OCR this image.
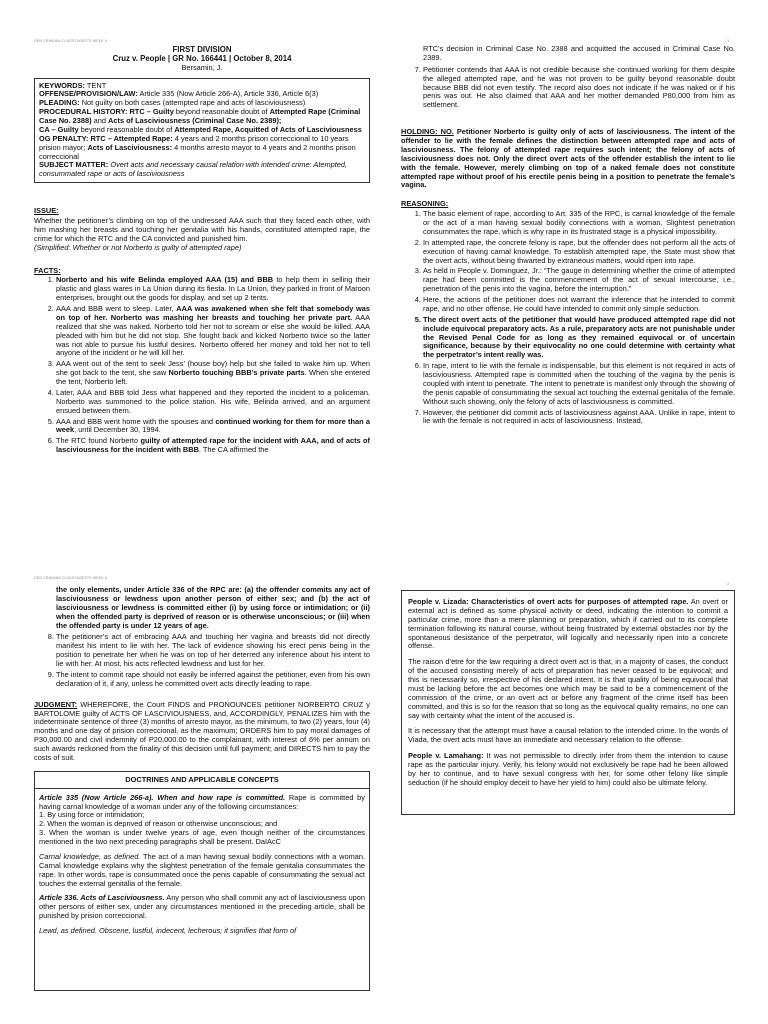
GEN CRIMLAW CLASS DIGESTS WEEK 6	1
FIRST DIVISION
Cruz v. People | GR No. 166441 | October 8, 2014
Bersamin, J.

KEYWORDS: TENT

OFFENSE/PROVISION/LAW: Article 335 (Now Article 266-A), Article 336, Article 6(3)

PLEADING: Not guilty on both cases (attempted rape and acts of lasciviousness)

PROCEDURAL HISTORY: RTC – Guilty beyond reasonable doubt of Attempted Rape (Criminal Case No. 2388) and Acts of Lasciviousness (Criminal Case No. 2389);

CA – Guilty beyond reasonable doubt of Attempted Rape, Acquitted of Acts of Lasciviousness

OG PENALTY: RTC – Attempted Rape: 4 years and 2 months prison correccional to 10 years prision mayor; Acts of Lasciviousness: 4 months arresto mayor to 4 years and 2 months prison correccional

SUBJECT MATTER: Overt acts and necessary causal relation with intended crime: Atempted, consummated rape or acts of lasciviousness

ISSUE:

Whether the petitioner’s climbing on top of the undressed AAA such that they faced each other, with him mashing her breasts and touching her genitalia with his hands, constituted attempted rape, the crime for which the RTC and the CA convicted and punished him.

(Simplified: Whether or not Norberto is guilty of attempted rape)

FACTS:
1. Norberto and his wife Belinda employed AAA (15) and BBB to help them in selling their plastic and glass wares in La Union during its fiesta. In La Union, they parked in front of Maroon enterprises, brought out the goods for display, and set up 2 tents.
2. AAA and BBB went to sleep. Later, AAA was awakened when she felt that somebody was on top of her. Norberto was mashing her breasts and touching her private part. AAA realized that she was naked. Norberto told her not to scream or else she would be killed. AAA pleaded with him but he did not stop. She fought back and kicked Norberto twice so the latter was not able to pursue his lustful desires. Norberto offered her money and told her not to tell anyone of the incident or he will kill her.
3. AAA went out of the tent to seek Jess’ (house boy) help but she failed to wake him up. When she got back to the tent, she saw Norberto touching BBB’s private parts. When she entered the tent, Norberto left.
4. Later, AAA and BBB told Jess what happened and they reported the incident to a policeman. Norberto was summoned to the police station. His wife, Belinda arrived, and an argument ensued between them.
5. AAA and BBB went home with the spouses and continued working for them for more than a week, until December 30, 1994.
6. The RTC found Norberto guilty of attempted rape for the incident with AAA, and of acts of lasciviousness for the incident with BBB. The CA affirmed the

RTC’s decision in Criminal Case No. 2388 and acquitted the accused in Criminal Case No. 2389.

7. Petitioner contends that AAA is not credible because she continued working for them despite the alleged attempted rape, and he was not proven to be guilty beyond reasonable doubt because BBB did not even testify. The record also does not indicate if he was naked or if his penis was out. He also claimed that AAA and her mother demanded P80,000 from him as settlement.

HOLDING: NO. Petitioner Norberto is guilty only of acts of lasciviousness. The intent of the offender to lie with the female defines the distinction between attempted rape and acts of lasciviousness. The felony of attempted rape requires such intent; the felony of acts of lasciviousness does not. Only the direct overt acts of the offender establish the intent to lie with the female. However, merely climbing on top of a naked female does not constitute attempted rape without proof of his erectile penis being in a position to penetrate the female’s vagina.

REASONING:
1. The basic element of rape, according to Art. 335 of the RPC, is carnal knowledge of the female or the act of a man having sexual bodily connections with a woman. Slightest penetration consummates the rape, which is why rape in its frustrated stage is a physical impossibility.
2. In attempted rape, the concrete felony is rape, but the offender does not perform all the acts of execution of having carnal knowledge. To establish attempted rape, the State must show that the overt acts, without being thwarted by extraneous matters, would ripen into rape.
3. As held in People v. Dominguez, Jr.: “The gauge in determining whether the crime of attempted rape had been committed is the commencement of the act of sexual intercourse, i.e., penetration of the penis into the vagina, before the interruption.”
4. Here, the actions of the petitioner does not warrant the inference that he intended to commit rape, and no other offense. He could have intended to commit only simple seduction.
5. The direct overt acts of the petitioner that would have produced attempted rape did not include equivocal preparatory acts. As a rule, preparatory acts are not punishable under the Revised Penal Code for as long as they remained equivocal or of uncertain significance, because by their equivocality no one could determine with certainty what the perpetrator’s intent really was.
6. In rape, intent to lie with the female is indispensable, but this element is not required in acts of lasciviousness. Attempted rape is committed when the touching of the vagina by the penis is coupled with intent to penetrate. The intent to penetrate is manifest only through the showing of the penis capable of consummating the sexual act touching the external genitalia of the female. Without such showing, only the felony of acts of lasciviousness is committed.
7. However, the petitioner did commit acts of lasciviousness against AAA. Unlike in rape, intent to lie with the female is not required in acts of lasciviousness. Instead,
GEN CRIMLAW CLASS DIGESTS WEEK 6
2

the only elements, under Article 336 of the RPC are: (a) the offender commits any act of lasciviousness or lewdness upon another person of either sex; and (b) the act of lasciviousness or lewdness is committed either (i) by using force or intimidation; or (ii) when the offended party is deprived of reason or is otherwise unconscious; or (iii) when the offended party is under 12 years of age.

8. The petitioner’s act of embracing AAA and touching her vagina and breasts did not directly manifest his intent to lie with her. The lack of evidence showing his erect penis being in the position to penetrate her when he was on top of her deterred any inference about his intent to lie with her. At most, his acts reflected lewdness and lust for her.
9. The intent to commit rape should not easily be inferred against the petitioner, even from his own declaration of it, if any, unless he committed overt acts directly leading to rape.

JUDGMENT: WHEREFORE, the Court FINDS and PRONOUNCES petitioner NORBERTO CRUZ y BARTOLOME guilty of ACTS OF LASCIVIOUSNESS, and, ACCORDINGLY, PENALIZES him with the indeterminate sentence of three (3) months of arresto mayor, as the minimum, to two (2) years, four (4) months and one day of prision correccional, as the maximum; ORDERS him to pay moral damages of P30,000.00 and civil indemnity of P20,000.00 to the complainant, with interest of 6% per annum on such awards reckoned from the finality of this decision until full payment; and DIRECTS him to pay the costs of suit.

DOCTRINES AND APPLICABLE CONCEPTS

Article 335 (Now Article 266-a). When and how rape is committed. Rape is committed by having carnal knowledge of a woman under any of the following circumstances:

1. By using force or intimidation;
2. When the woman is deprived of reason or otherwise unconscious; and
3. When the woman is under twelve years of age, even though neither of the circumstances mentioned in the two next preceding paragraphs shall be present. DaIAcC

Carnal knowledge, as defined. The act of a man having sexual bodily connections with a woman. Carnal knowledge explains why the slightest penetration of the female genitalia consummates the rape. In other words, rape is consummated once the penis capable of consummating the sexual act touches the external genitalia of the female.

Article 336. Acts of Lasciviousness. Any person who shall commit any act of lasciviousness upon other persons of either sex, under any circumstances mentioned in the preceding article, shall be punished by prision correccional.

Lewd, as defined. Obscene, lustful, indecent, lecherous; it signifies that form of

People v. Lizada: Characteristics of overt acts for purposes of attempted rape. An overt or external act is defined as some physical activity or deed, indicating the intention to commit a particular crime, more than a mere planning or preparation, which if carried out to its complete termination following its natural course, without being frustrated by external obstacles nor by the spontaneous desistance of the perpetrator, will logically and necessarily ripen into a concrete offense.

The raison d’etre for the law requiring a direct overt act is that, in a majority of cases, the conduct of the accused consisting merely of acts of preparation has never ceased to be equivocal; and this is necessarily so, irrespective of his declared intent. It is that quality of being equivocal that must be lacking before the act becomes one which may be said to be a commencement of the commission of the crime, or an overt act or before any fragment of the crime itself has been committed, and this is so for the reason that so long as the equivocal quality remains, no one can say with certainty what the intent of the accused is.

It is necessary that the attempt must have a causal relation to the intended crime. In the words of Viada, the overt acts must have an immediate and necessary relation to the offense.

People v. Lamahang: It was not permissible to directly infer from them the intention to cause rape as the particular injury. Verily, his felony would not exclusively be rape had he been allowed by her to continue, and to have sexual congress with her, for some other felony like simple seduction (if he should employ deceit to have her yield to him) could also be ultimate felony.
